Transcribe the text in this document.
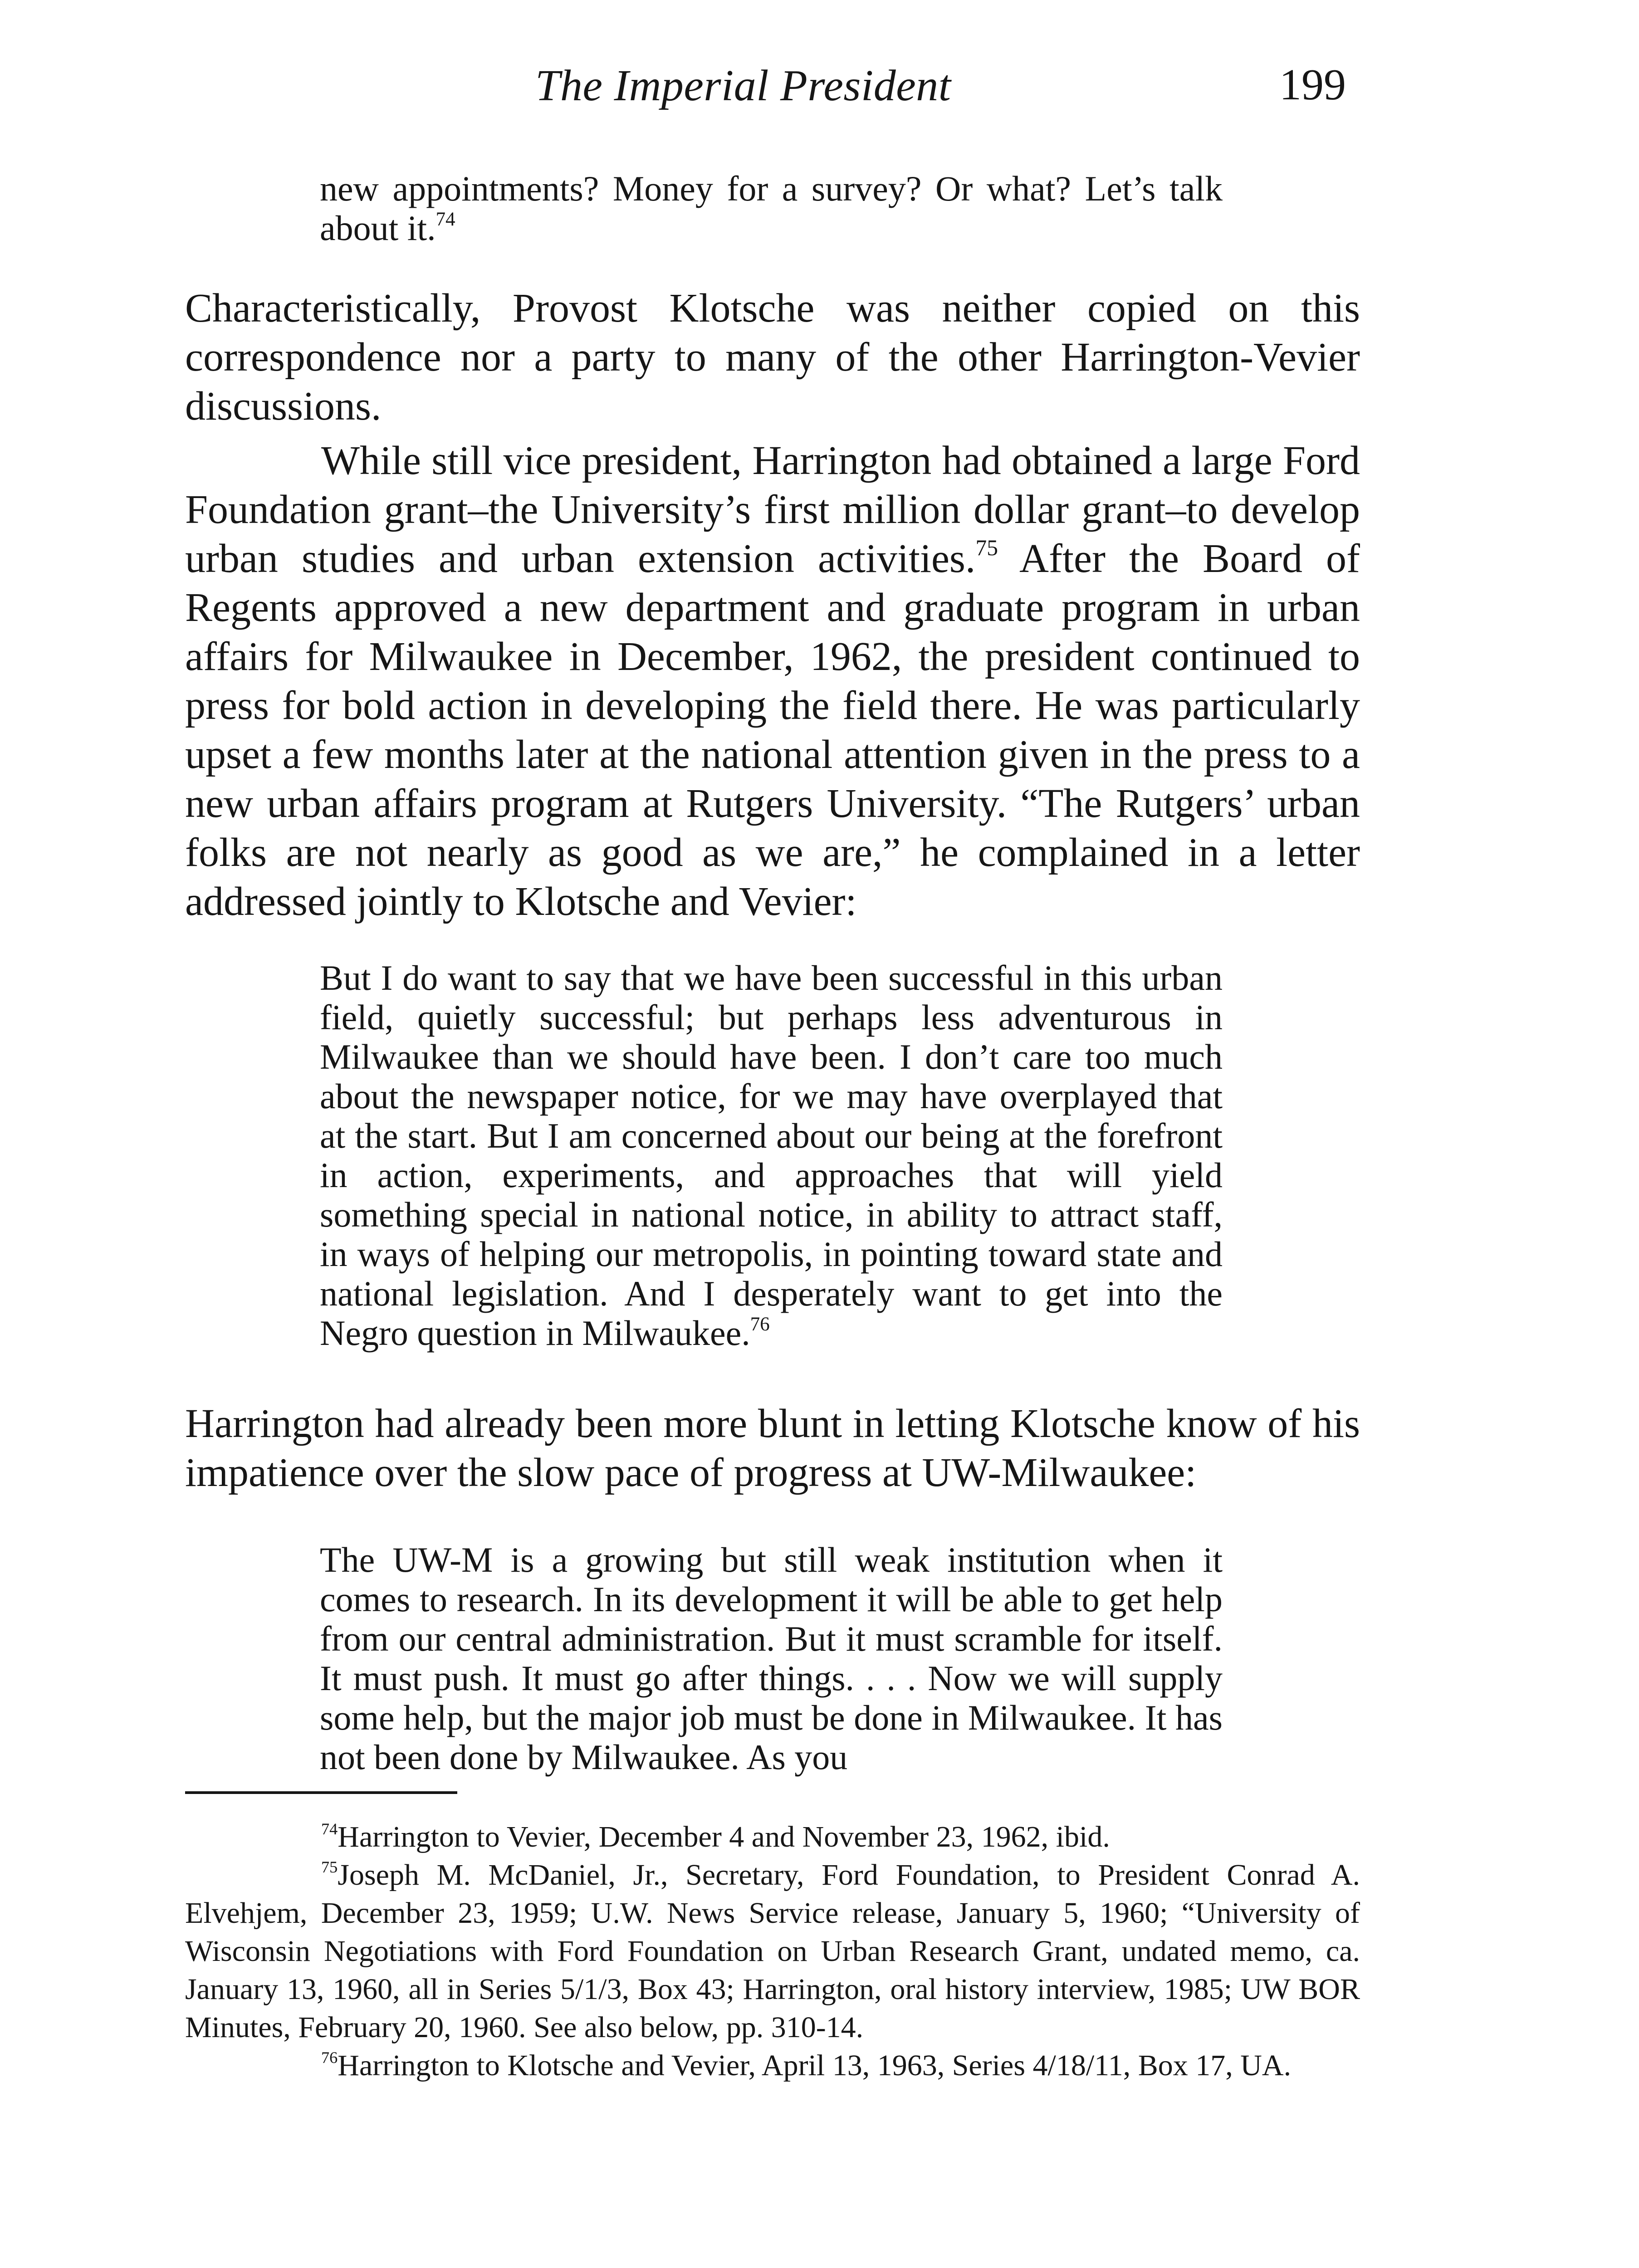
The Imperial President	199

new appointments? Money for a survey? Or what? Let’s talk about it.$^{74}$

Characteristically, Provost Klotsche was neither copied on this correspondence nor a party to many of the other Harrington-Vevier discussions.

While still vice president, Harrington had obtained a large Ford Foundation grant–the University’s first million dollar grant–to develop urban studies and urban extension activities.$^{75}$ After the Board of Regents approved a new department and graduate program in urban affairs for Milwaukee in December, 1962, the president continued to press for bold action in developing the field there. He was particularly upset a few months later at the national attention given in the press to a new urban affairs program at Rutgers University. “The Rutgers’ urban folks are not nearly as good as we are,” he complained in a letter addressed jointly to Klotsche and Vevier:

But I do want to say that we have been successful in this urban field, quietly successful; but perhaps less adventurous in Milwaukee than we should have been. I don’t care too much about the newspaper notice, for we may have overplayed that at the start. But I am concerned about our being at the forefront in action, experiments, and approaches that will yield something special in national notice, in ability to attract staff, in ways of helping our metropolis, in pointing toward state and national legislation. And I desperately want to get into the Negro question in Milwaukee.$^{76}$

Harrington had already been more blunt in letting Klotsche know of his impatience over the slow pace of progress at UW-Milwaukee:

The UW-M is a growing but still weak institution when it comes to research. In its development it will be able to get help from our central administration. But it must scramble for itself. It must push. It must go after things. . . . Now we will supply some help, but the major job must be done in Milwaukee. It has not been done by Milwaukee. As you

$^{74}$Harrington to Vevier, December 4 and November 23, 1962, ibid.

$^{75}$Joseph M. McDaniel, Jr., Secretary, Ford Foundation, to President Conrad A. Elvehjem, December 23, 1959; U.W. News Service release, January 5, 1960; “University of Wisconsin Negotiations with Ford Foundation on Urban Research Grant, undated memo, ca. January 13, 1960, all in Series 5/1/3, Box 43; Harrington, oral history interview, 1985; UW BOR Minutes, February 20, 1960. See also below, pp. 310-14.

$^{76}$Harrington to Klotsche and Vevier, April 13, 1963, Series 4/18/11, Box 17, UA.
